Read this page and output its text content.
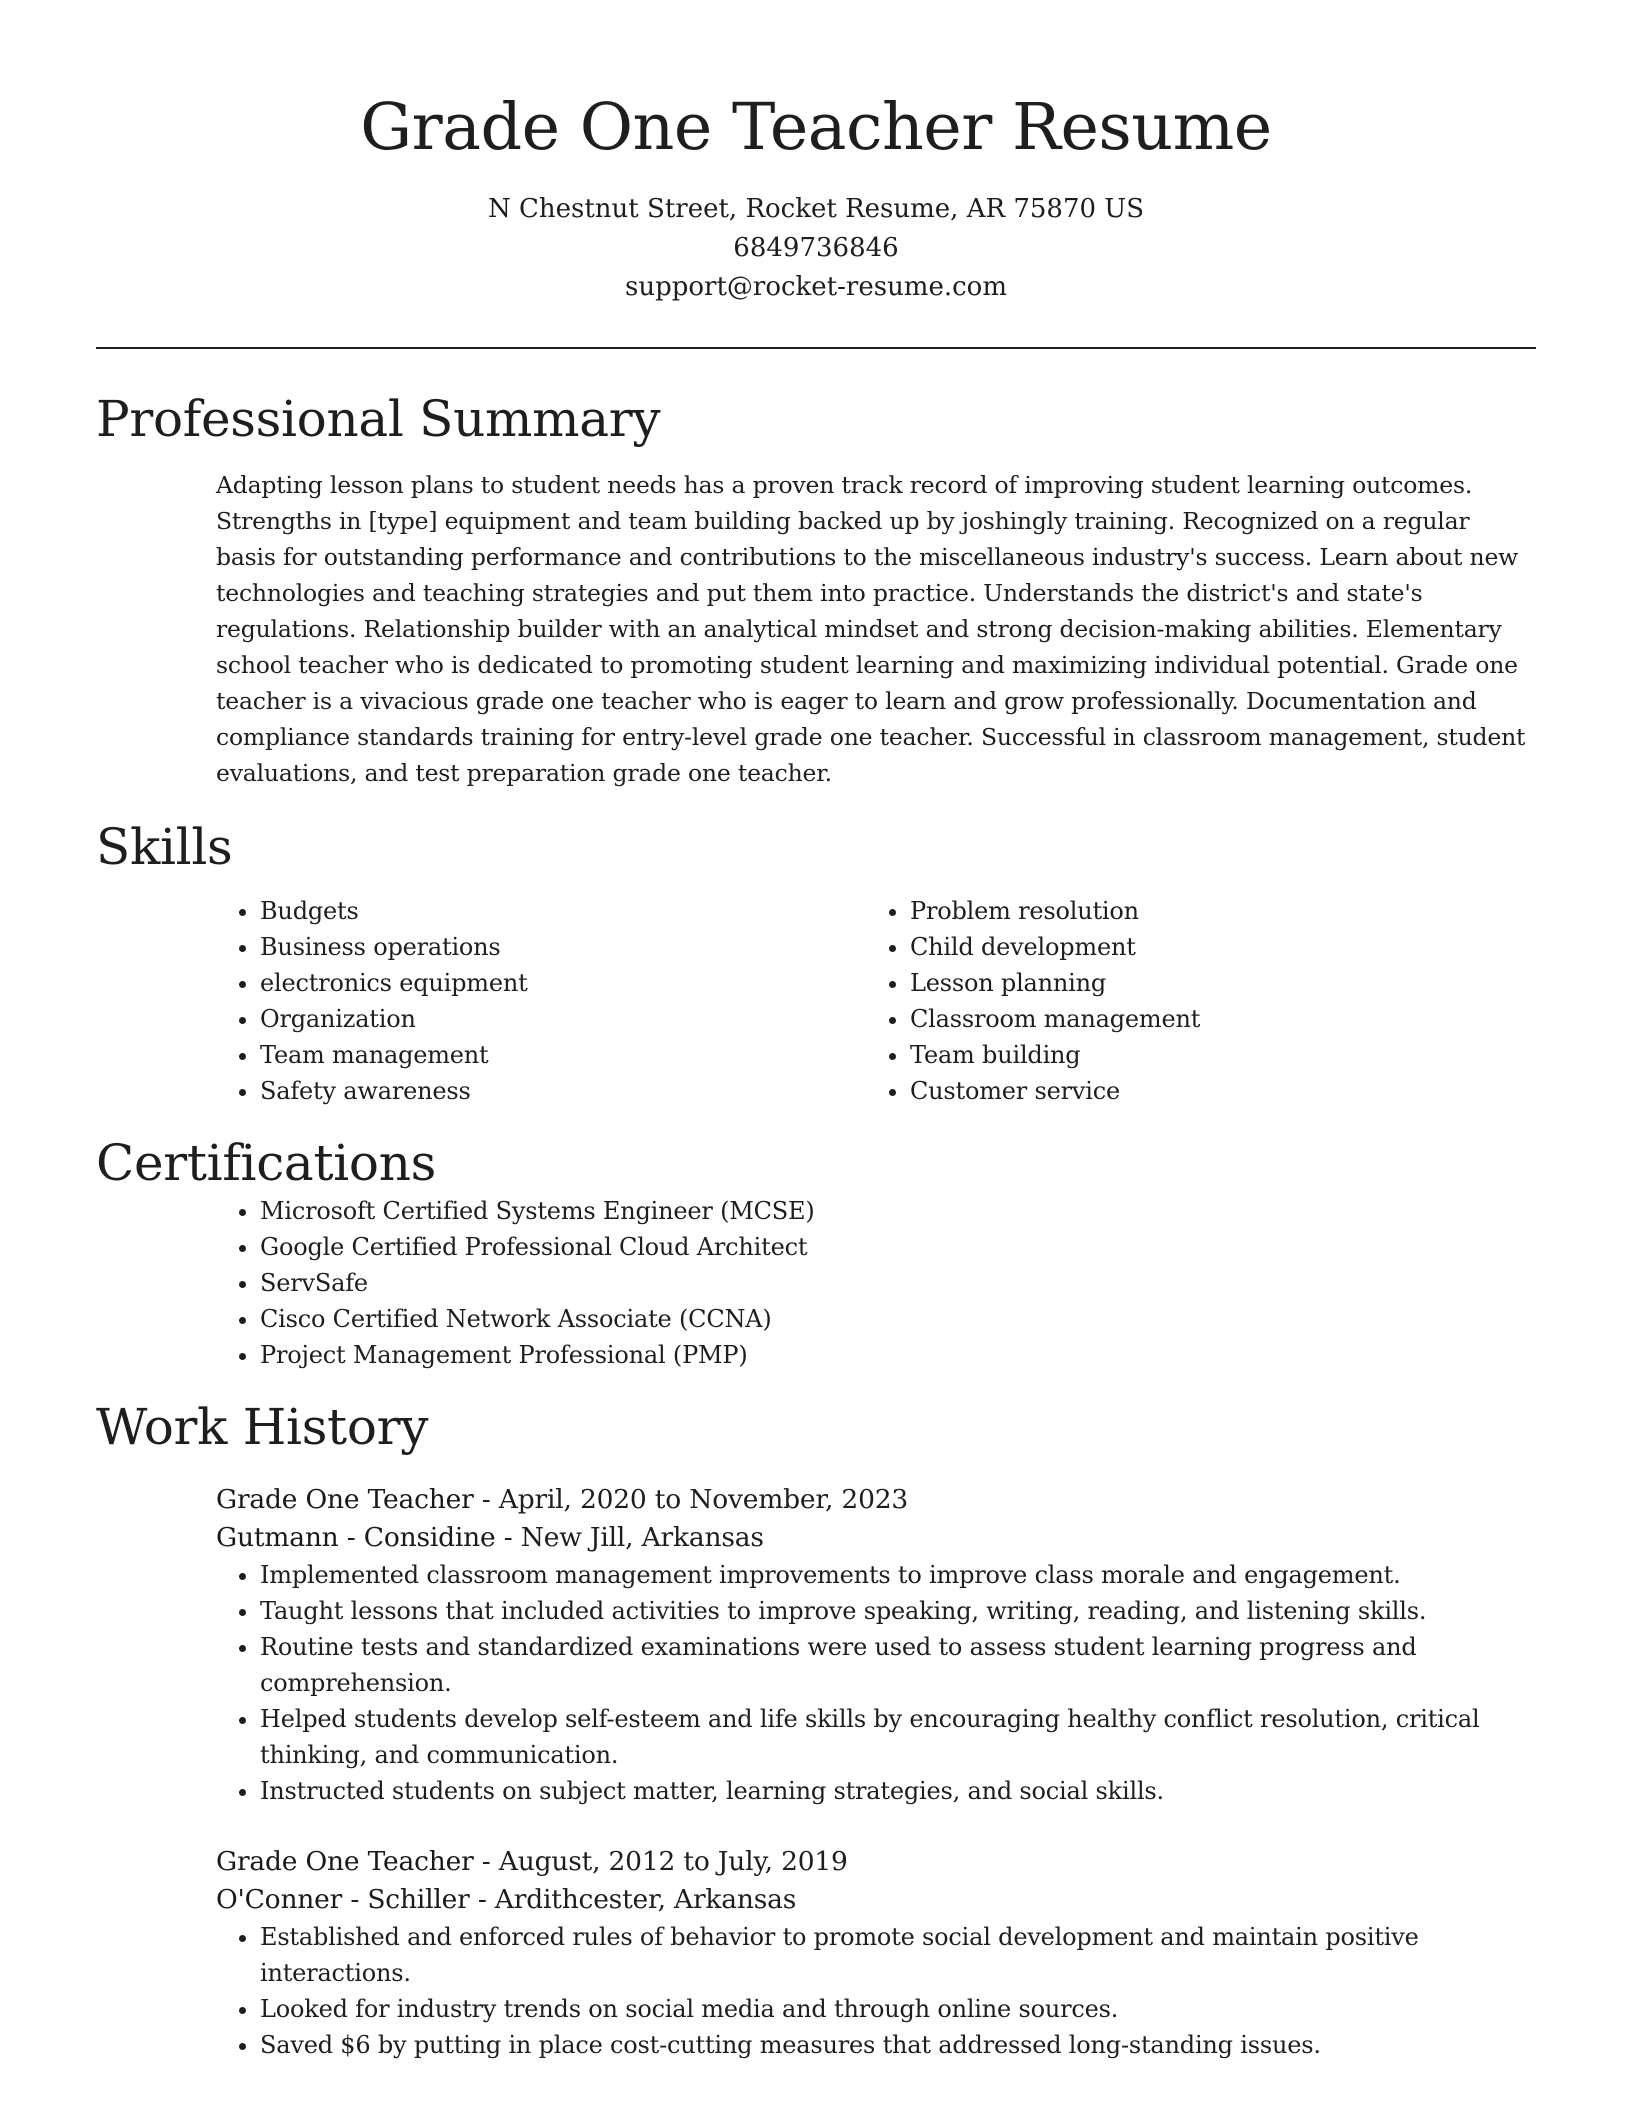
Grade One Teacher Resume
N Chestnut Street, Rocket Resume, AR 75870 US
6849736846
support@rocket-resume.com
Professional Summary

Adapting lesson plans to student needs has a proven track record of improving student learning outcomes. Strengths in [type] equipment and team building backed up by joshingly training. Recognized on a regular basis for outstanding performance and contributions to the miscellaneous industry's success. Learn about new technologies and teaching strategies and put them into practice. Understands the district's and state's regulations. Relationship builder with an analytical mindset and strong decision-making abilities. Elementary school teacher who is dedicated to promoting student learning and maximizing individual potential. Grade one teacher is a vivacious grade one teacher who is eager to learn and grow professionally. Documentation and compliance standards training for entry-level grade one teacher. Successful in classroom management, student evaluations, and test preparation grade one teacher.

Skills
• Budgets
• Business operations
• electronics equipment
• Organization
• Team management
• Safety awareness
• Problem resolution
• Child development
• Lesson planning
• Classroom management
• Team building
• Customer service
Certifications
• Microsoft Certified Systems Engineer (MCSE)
• Google Certified Professional Cloud Architect
• ServSafe
• Cisco Certified Network Associate (CCNA)
• Project Management Professional (PMP)
Work History
Grade One Teacher - April, 2020 to November, 2023
Gutmann - Considine - New Jill, Arkansas
• Implemented classroom management improvements to improve class morale and engagement.
• Taught lessons that included activities to improve speaking, writing, reading, and listening skills.
• Routine tests and standardized examinations were used to assess student learning progress and comprehension.
• Helped students develop self-esteem and life skills by encouraging healthy conflict resolution, critical thinking, and communication.
• Instructed students on subject matter, learning strategies, and social skills.
Grade One Teacher - August, 2012 to July, 2019
O'Conner - Schiller - Ardithcester, Arkansas
• Established and enforced rules of behavior to promote social development and maintain positive interactions.
• Looked for industry trends on social media and through online sources.
• Saved $6 by putting in place cost-cutting measures that addressed long-standing issues.
